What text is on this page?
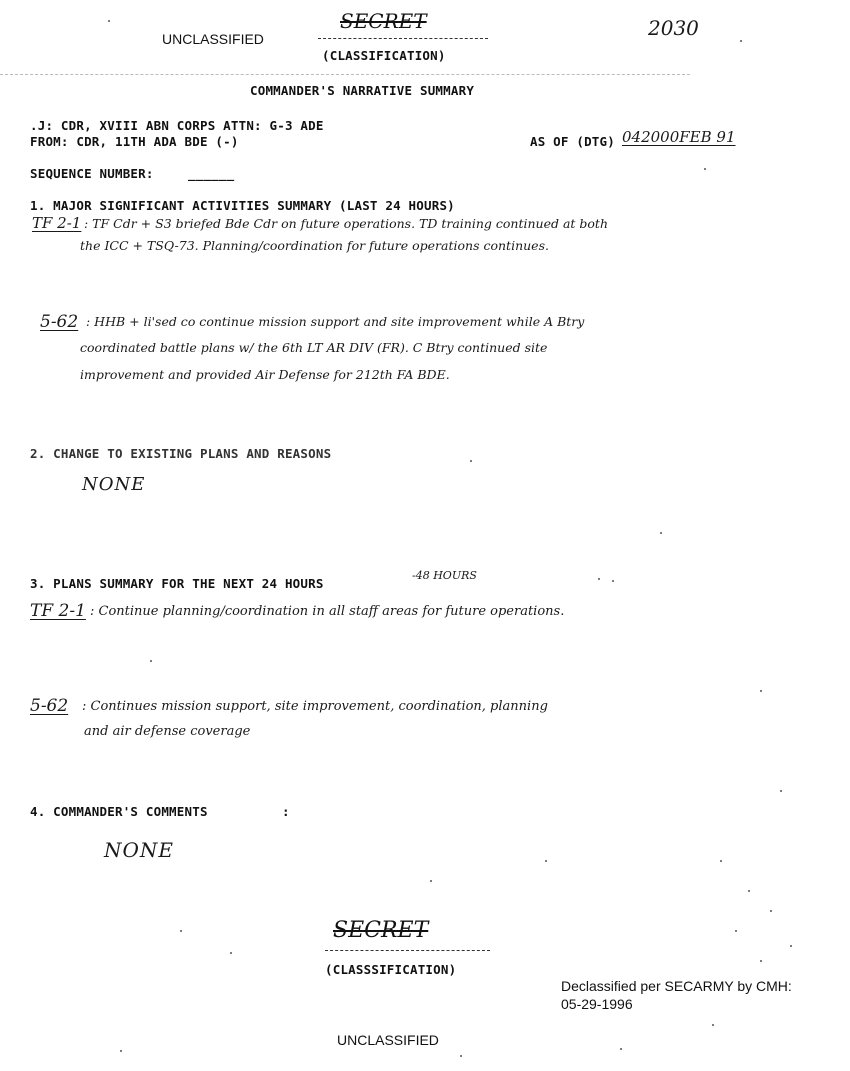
UNCLASSIFIED
SECRET
(CLASSIFICATION)
2030
COMMANDER'S NARRATIVE SUMMARY
.J: CDR, XVIII ABN CORPS ATTN: G-3 ADE
FROM: CDR, 11TH ADA BDE (-)	AS OF (DTG) 042000FEB 91
SEQUENCE NUMBER:	______
1. MAJOR SIGNIFICANT ACTIVITIES SUMMARY (LAST 24 HOURS)
TF 2-1 : TF Cdr + S3 briefed Bde Cdr on future operations. TD training continued at both
the ICC + TSQ-73. Planning/coordination for future operations continues.
5-62 : HHB + li'sed co continue mission support and site improvement while A Btry
coordinated battle plans w/ the 6th LT AR DIV (FR). C Btry continued site
improvement and provided Air Defense for 212th FA BDE.
2. CHANGE TO EXISTING PLANS AND REASONS
NONE
3. PLANS SUMMARY FOR THE NEXT 24 HOURS
-48 HOURS
TF 2-1 : Continue planning/coordination in all staff areas for future operations.
5-62 : Continues mission support, site improvement, coordination, planning
and air defense coverage
4. COMMANDER'S COMMENTS	:
NONE
SECRET
(CLASSSIFICATION)
Declassified per SECARMY by CMH:
05-29-1996
UNCLASSIFIED
